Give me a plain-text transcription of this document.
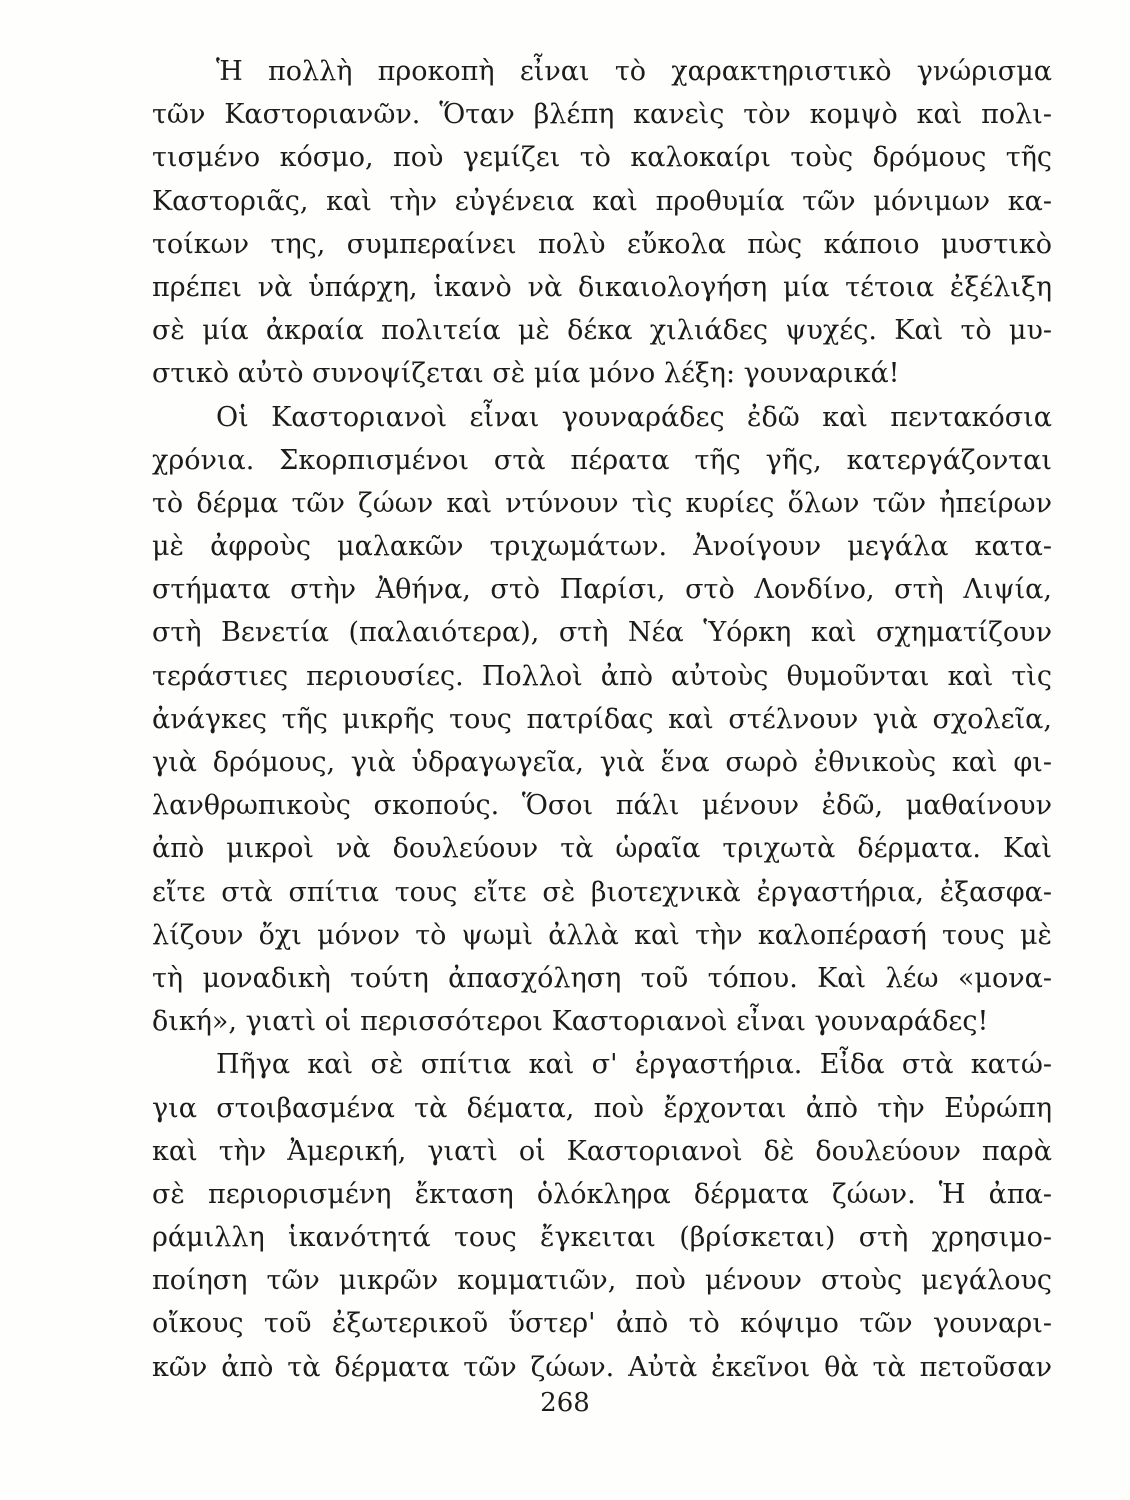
Ἡ πολλὴ προκοπὴ εἶναι τὸ χαρακτηριστικὸ γνώρισμα
τῶν Καστοριανῶν. Ὅταν βλέπη κανεὶς τὸν κομψὸ καὶ πολι-
τισμένο κόσμο, ποὺ γεμίζει τὸ καλοκαίρι τοὺς δρόμους τῆς
Καστοριᾶς, καὶ τὴν εὐγένεια καὶ προθυμία τῶν μόνιμων κα-
τοίκων της, συμπεραίνει πολὺ εὔκολα πὼς κάποιο μυστικὸ
πρέπει νὰ ὑπάρχη, ἱκανὸ νὰ δικαιολογήση μία τέτοια ἐξέλιξη
σὲ μία ἀκραία πολιτεία μὲ δέκα χιλιάδες ψυχές. Καὶ τὸ μυ-
στικὸ αὐτὸ συνοψίζεται σὲ μία μόνο λέξη: γουναρικά!
Οἱ Καστοριανοὶ εἶναι γουναράδες ἐδῶ καὶ πεντακόσια
χρόνια. Σκορπισμένοι στὰ πέρατα τῆς γῆς, κατεργάζονται
τὸ δέρμα τῶν ζώων καὶ ντύνουν τὶς κυρίες ὅλων τῶν ἠπείρων
μὲ ἀφροὺς μαλακῶν τριχωμάτων. Ἀνοίγουν μεγάλα κατα-
στήματα στὴν Ἀθήνα, στὸ Παρίσι, στὸ Λονδίνο, στὴ Λιψία,
στὴ Βενετία (παλαιότερα), στὴ Νέα Ὑόρκη καὶ σχηματίζουν
τεράστιες περιουσίες. Πολλοὶ ἀπὸ αὐτοὺς θυμοῦνται καὶ τὶς
ἀνάγκες τῆς μικρῆς τους πατρίδας καὶ στέλνουν γιὰ σχολεῖα,
γιὰ δρόμους, γιὰ ὑδραγωγεῖα, γιὰ ἕνα σωρὸ ἐθνικοὺς καὶ φι-
λανθρωπικοὺς σκοπούς. Ὅσοι πάλι μένουν ἐδῶ, μαθαίνουν
ἀπὸ μικροὶ νὰ δουλεύουν τὰ ὡραῖα τριχωτὰ δέρματα. Καὶ
εἴτε στὰ σπίτια τους εἴτε σὲ βιοτεχνικὰ ἐργαστήρια, ἐξασφα-
λίζουν ὄχι μόνον τὸ ψωμὶ ἀλλὰ καὶ τὴν καλοπέρασή τους μὲ
τὴ μοναδικὴ τούτη ἀπασχόληση τοῦ τόπου. Καὶ λέω «μονα-
δική», γιατὶ οἱ περισσότεροι Καστοριανοὶ εἶναι γουναράδες!
Πῆγα καὶ σὲ σπίτια καὶ σ' ἐργαστήρια. Εἶδα στὰ κατώ-
για στοιβασμένα τὰ δέματα, ποὺ ἔρχονται ἀπὸ τὴν Εὐρώπη
καὶ τὴν Ἀμερική, γιατὶ οἱ Καστοριανοὶ δὲ δουλεύουν παρὰ
σὲ περιορισμένη ἔκταση ὁλόκληρα δέρματα ζώων. Ἡ ἀπα-
ράμιλλη ἱκανότητά τους ἔγκειται (βρίσκεται) στὴ χρησιμο-
ποίηση τῶν μικρῶν κομματιῶν, ποὺ μένουν στοὺς μεγάλους
οἴκους τοῦ ἐξωτερικοῦ ὕστερ' ἀπὸ τὸ κόψιμο τῶν γουναρι-
κῶν ἀπὸ τὰ δέρματα τῶν ζώων. Αὐτὰ ἐκεῖνοι θὰ τὰ πετοῦσαν
268
